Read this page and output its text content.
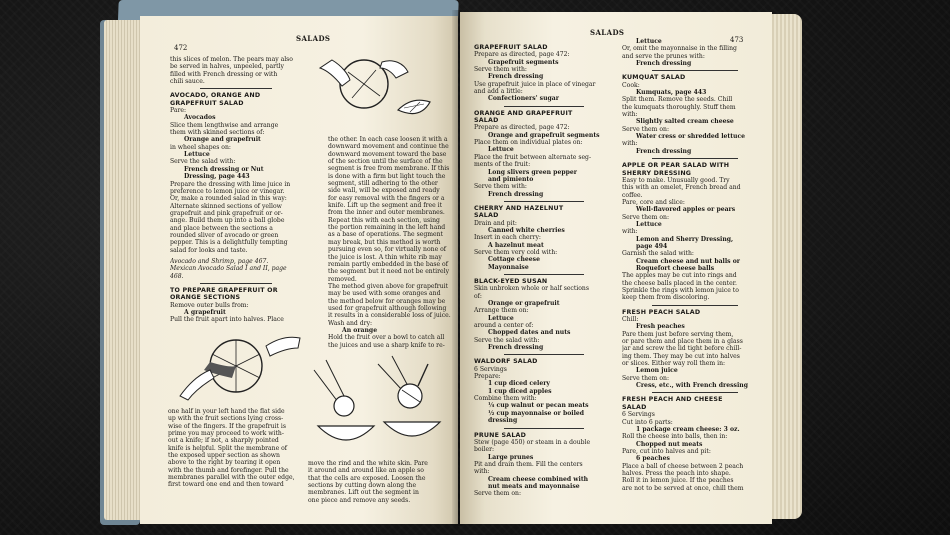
472
SALADS
this slices of melon. The pears may also
be served in halves, unpeeled, partly
filled with French dressing or with
chili sauce.
AVOCADO, ORANGE AND
GRAPEFRUIT SALAD
Pare:
Avocados
Slice them lengthwise and arrange
them with skinned sections of:
Orange and grapefruit
in wheel shapes on:
Lettuce
Serve the salad with:
French dressing or Nut
Dressing, page 443
Prepare the dressing with lime juice in
preference to lemon juice or vinegar.
Or, make a rounded salad in this way:
Alternate skinned sections of yellow
grapefruit and pink grapefruit or or-
ange. Build them up into a ball globe
and place between the sections a
rounded sliver of avocado or green
pepper. This is a delightfully tempting
salad for looks and taste.
Avocado and Shrimp, page 467.
Mexican Avocado Salad I and II, page
468.
TO PREPARE GRAPEFRUIT OR
ORANGE SECTIONS
Remove outer bulls from:
A grapefruit
Pull the fruit apart into halves. Place
one half in your left hand the flat side
up with the fruit sections lying cross-
wise of the fingers. If the grapefruit is
prime you may proceed to work with-
out a knife; if not, a sharply pointed
knife is helpful. Split the membrane of
the exposed upper section as shown
above to the right by tearing it open
with the thumb and forefinger. Pull the
membranes parallel with the outer edge,
first toward one end and then toward
the other. In each case loosen it with a
downward movement and continue the
downward movement toward the base
of the section until the surface of the
segment is free from membrane. If this
is done with a firm but light touch the
segment, still adhering to the other
side wall, will be exposed and ready
for easy removal with the fingers or a
knife. Lift up the segment and free it
from the inner and outer membranes.
Repeat this with each section, using
the portion remaining in the left hand
as a base of operations. The segment
may break, but this method is worth
pursuing even so, for virtually none of
the juice is lost. A thin white rib may
remain partly embedded in the base of
the segment but it need not be entirely
removed.
The method given above for grapefruit
may be used with some oranges and
the method below for oranges may be
used for grapefruit although following
it results in a considerable loss of juice.
Wash and dry:
An orange
Hold the fruit over a bowl to catch all
the juices and use a sharp knife to re-
move the rind and the white skin. Pare
it around and around like an apple so
that the cells are exposed. Loosen the
sections by cutting down along the
membranes. Lift out the segment in
one piece and remove any seeds.
SALADS
473
GRAPEFRUIT SALAD
Prepare as directed, page 472:
Grapefruit segments
Serve them with:
French dressing
Use grapefruit juice in place of vinegar
and add a little:
Confectioners' sugar
ORANGE AND GRAPEFRUIT
SALAD
Prepare as directed, page 472:
Orange and grapefruit segments
Place them on individual plates on:
Lettuce
Place the fruit between alternate seg-
ments of the fruit:
Long slivers green pepper
and pimiento
Serve them with:
French dressing
CHERRY AND HAZELNUT
SALAD
Drain and pit:
Canned white cherries
Insert in each cherry:
A hazelnut meat
Serve them very cold with:
Cottage cheese
Mayonnaise
BLACK-EYED SUSAN
Skin unbroken whole or half sections
of:
Orange or grapefruit
Arrange them on:
Lettuce
around a center of:
Chopped dates and nuts
Serve the salad with:
French dressing
WALDORF SALAD
6 Servings
Prepare:
1 cup diced celery
1 cup diced apples
Combine them with:
¼ cup walnut or pecan meats
½ cup mayonnaise or boiled
dressing
PRUNE SALAD
Stew (page 450) or steam in a double
boiler:
Large prunes
Pit and drain them. Fill the centers
with:
Cream cheese combined with
nut meats and mayonnaise
Serve them on:
Lettuce
Or, omit the mayonnaise in the filling
and serve the prunes with:
French dressing
KUMQUAT SALAD
Cook:
Kumquats, page 443
Split them. Remove the seeds. Chill
the kumquats thoroughly. Stuff them
with:
Slightly salted cream cheese
Serve them on:
Water cress or shredded lettuce
with:
French dressing
APPLE OR PEAR SALAD WITH
SHERRY DRESSING
Easy to make. Unusually good. Try
this with an omelet, French bread and
coffee.
Pare, core and slice:
Well-flavored apples or pears
Serve them on:
Lettuce
with:
Lemon and Sherry Dressing,
page 494
Garnish the salad with:
Cream cheese and nut balls or
Roquefort cheese balls
The apples may be cut into rings and
the cheese balls placed in the center.
Sprinkle the rings with lemon juice to
keep them from discoloring.
FRESH PEACH SALAD
Chill:
Fresh peaches
Pare them just before serving them,
or pare them and place them in a glass
jar and screw the lid tight before chill-
ing them. They may be cut into halves
or slices. Either way roll them in:
Lemon juice
Serve them on:
Cress, etc., with French dressing
FRESH PEACH AND CHEESE
SALAD
6 Servings
Cut into 6 parts:
1 package cream cheese: 3 oz.
Roll the cheese into balls, then in:
Chopped nut meats
Pare, cut into halves and pit:
6 peaches
Place a ball of cheese between 2 peach
halves. Press the peach into shape.
Roll it in lemon juice. If the peaches
are not to be served at once, chill them
